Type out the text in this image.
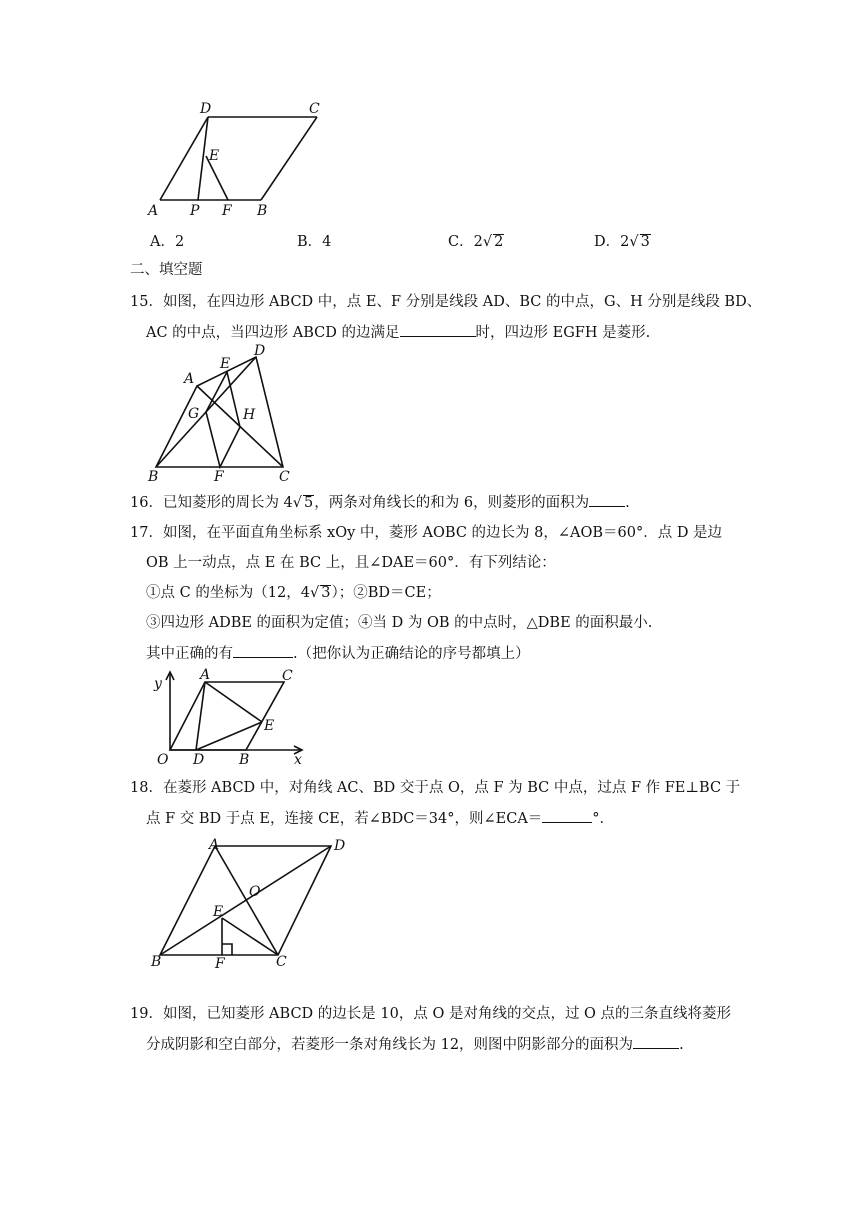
D	C
E
A P F B
A．2	B．4	C．2√ 2	D．2√ 3
二、填空题
15．如图，在四边形 ABCD 中，点 E、F 分别是线段 AD、BC 的中点，G、H 分别是线段 BD、
AC 的中点，当四边形 ABCD 的边满足	时，四边形 EGFH 是菱形.
A
E
D
G	H
B	F	C
16．已知菱形的周长为 4√ 5，两条对角线长的和为 6，则菱形的面积为 .
17．如图，在平面直角坐标系 xOy 中，菱形 AOBC 的边长为 8，∠AOB＝60°．点 D 是边
OB 上一动点，点 E 在 BC 上，且∠DAE＝60°．有下列结论：
①点 C 的坐标为（12，4√ 3）；②BD＝CE；
③四边形 ADBE 的面积为定值；④当 D 为 OB 的中点时，△DBE 的面积最小.
其中正确的有	.（把你认为正确结论的序号都填上）
y
A	C
E
O D B	x
18．在菱形 ABCD 中，对角线 AC、BD 交于点 O，点 F 为 BC 中点，过点 F 作 FE⊥BC 于
点 F 交 BD 于点 E，连接 CE，若∠BDC＝34°，则∠ECA＝	°．
A	D
O
E
B	F	C
19．如图，已知菱形 ABCD 的边长是 10，点 O 是对角线的交点，过 O 点的三条直线将菱形
分成阴影和空白部分，若菱形一条对角线长为 12，则图中阴影部分的面积为	.
